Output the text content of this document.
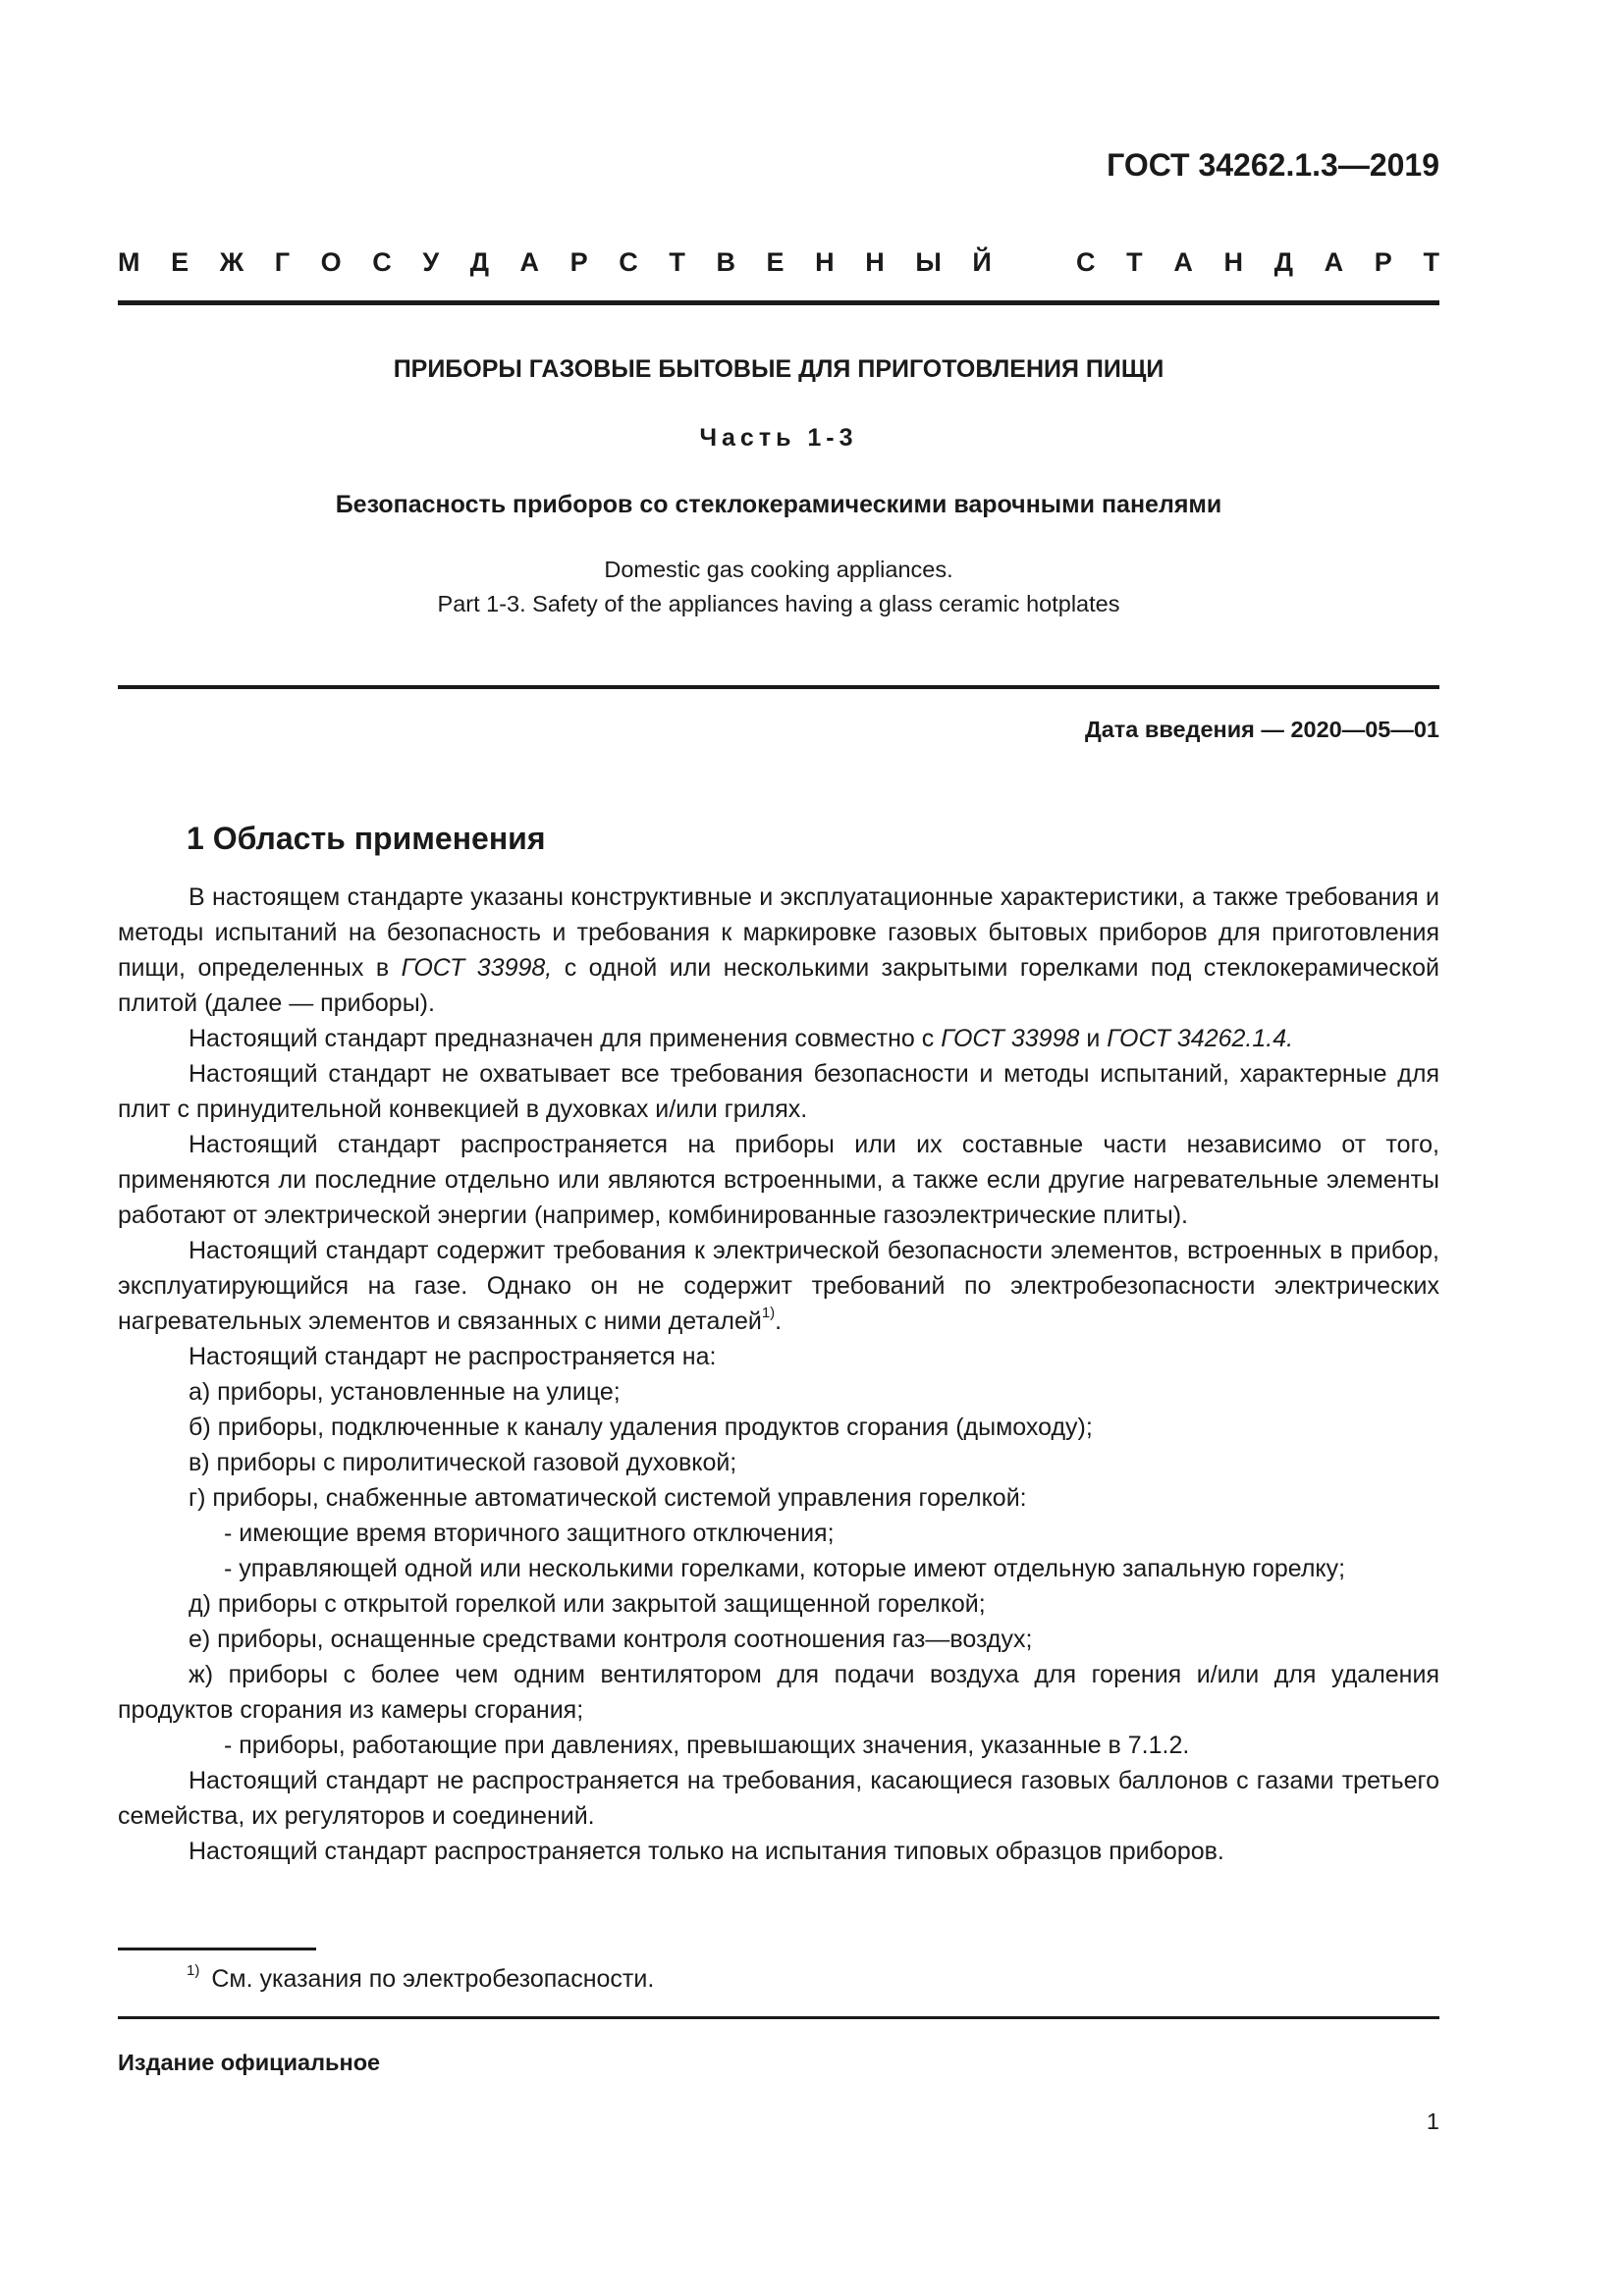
ГОСТ 34262.1.3—2019

М Е Ж Г О С У Д А Р С Т В Е Н Н Ы Й	С Т А Н Д А Р Т

ПРИБОРЫ ГАЗОВЫЕ БЫТОВЫЕ ДЛЯ ПРИГОТОВЛЕНИЯ ПИЩИ

Часть 1-3

Безопасность приборов со стеклокерамическими варочными панелями

Domestic gas cooking appliances.
Part 1-3. Safety of the appliances having a glass ceramic hotplates

Дата введения — 2020—05—01

1 Область применения

В настоящем стандарте указаны конструктивные и эксплуатационные характеристики, а также требования и методы испытаний на безопасность и требования к маркировке газовых бытовых приборов для приготовления пищи, определенных в ГОСТ 33998, с одной или несколькими закрытыми горелками под стеклокерамической плитой (далее — приборы).

Настоящий стандарт предназначен для применения совместно с ГОСТ 33998 и ГОСТ 34262.1.4.

Настоящий стандарт не охватывает все требования безопасности и методы испытаний, характерные для плит с принудительной конвекцией в духовках и/или грилях.

Настоящий стандарт распространяется на приборы или их составные части независимо от того, применяются ли последние отдельно или являются встроенными, а также если другие нагревательные элементы работают от электрической энергии (например, комбинированные газоэлектрические плиты).

Настоящий стандарт содержит требования к электрической безопасности элементов, встроенных в прибор, эксплуатирующийся на газе. Однако он не содержит требований по электробезопасности электрических нагревательных элементов и связанных с ними деталей$^{1)}$.

Настоящий стандарт не распространяется на:

а) приборы, установленные на улице;

б) приборы, подключенные к каналу удаления продуктов сгорания (дымоходу);

в) приборы с пиролитической газовой духовкой;

г) приборы, снабженные автоматической системой управления горелкой:

- имеющие время вторичного защитного отключения;

- управляющей одной или несколькими горелками, которые имеют отдельную запальную горелку;

д) приборы с открытой горелкой или закрытой защищенной горелкой;

е) приборы, оснащенные средствами контроля соотношения газ—воздух;

ж) приборы с более чем одним вентилятором для подачи воздуха для горения и/или для удаления продуктов сгорания из камеры сгорания;

- приборы, работающие при давлениях, превышающих значения, указанные в 7.1.2.

Настоящий стандарт не распространяется на требования, касающиеся газовых баллонов с газами третьего семейства, их регуляторов и соединений.

Настоящий стандарт распространяется только на испытания типовых образцов приборов.

$^{1)}$ См. указания по электробезопасности.

Издание официальное

1
